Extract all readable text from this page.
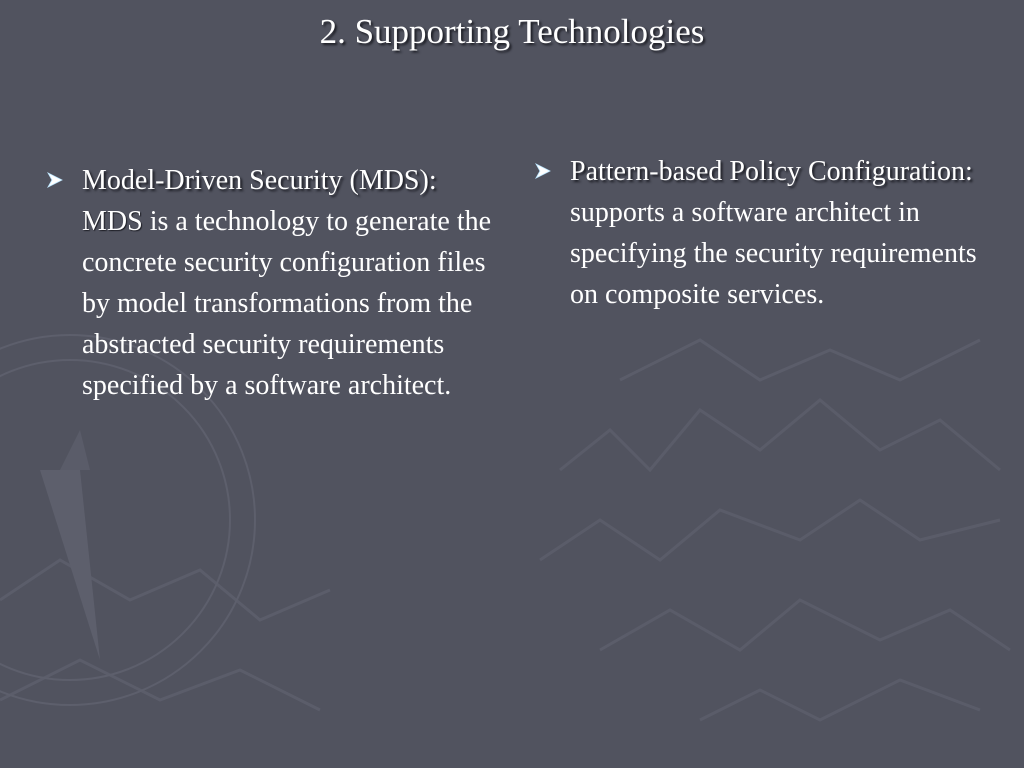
2. Supporting Technologies
Model-Driven Security (MDS):
MDS is a technology to generate the concrete security configuration files by model transformations from the abstracted security requirements specified by a software architect.
Pattern-based Policy Configuration:
supports a software architect in specifying the security requirements on composite services.
